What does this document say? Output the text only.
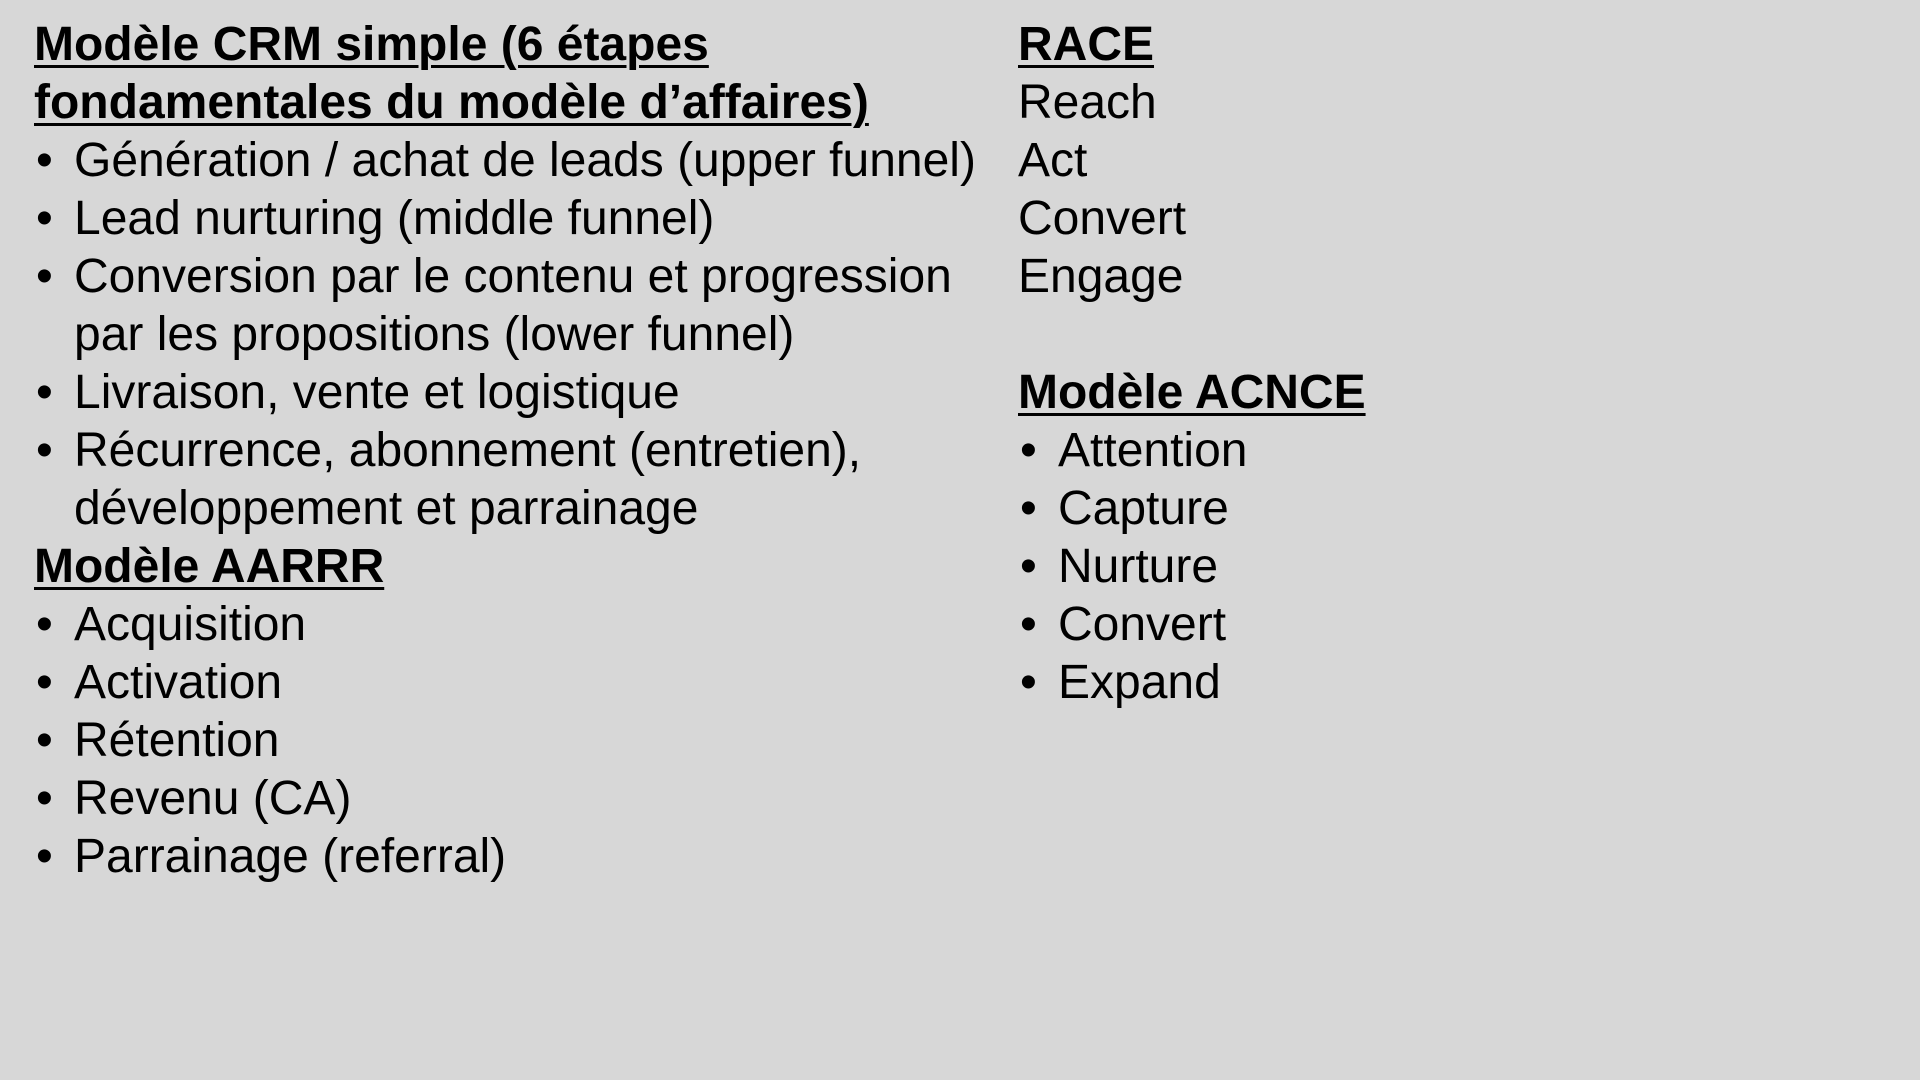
Modèle CRM simple (6 étapes fondamentales du modèle d’affaires)
• Génération / achat de leads (upper funnel)
• Lead nurturing (middle funnel)
• Conversion par le contenu et progression par les propositions (lower funnel)
• Livraison, vente et logistique
• Récurrence, abonnement (entretien), développement et parrainage
Modèle AARRR
• Acquisition
• Activation
• Rétention
• Revenu (CA)
• Parrainage (referral)
RACE
Reach
Act
Convert
Engage
Modèle ACNCE
• Attention
• Capture
• Nurture
• Convert
• Expand
